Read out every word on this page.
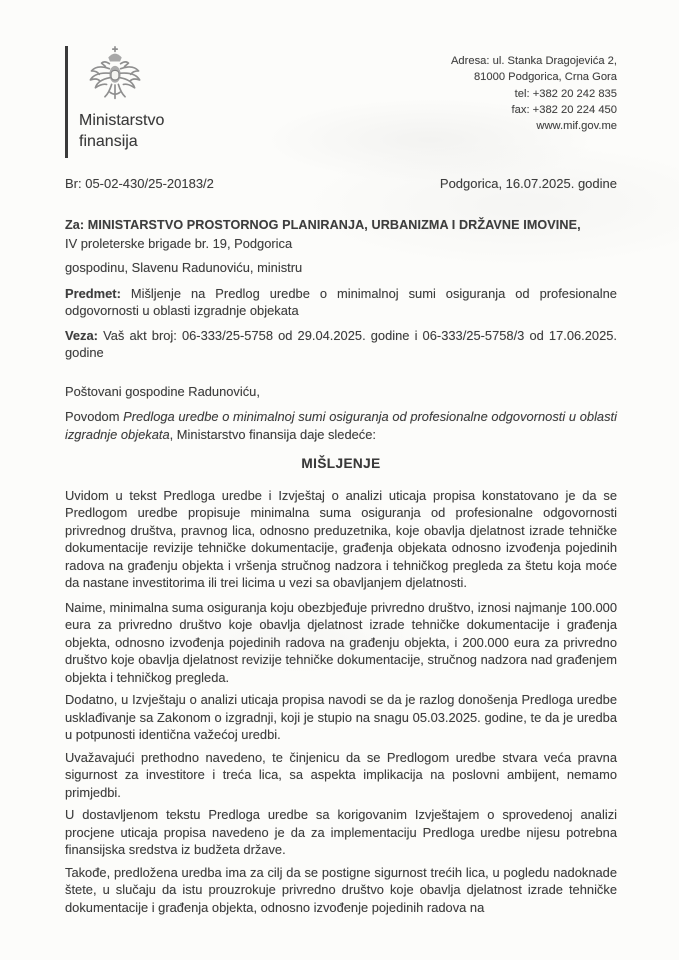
Ministarstvo
finansija
Adresa: ul. Stanka Dragojevića 2,
81000 Podgorica, Crna Gora
tel: +382 20 242 835
fax: +382 20 224 450
www.mif.gov.me
Br: 05-02-430/25-20183/2	Podgorica, 16.07.2025. godine
Za: MINISTARSTVO PROSTORNOG PLANIRANJA, URBANIZMA I DRŽAVNE IMOVINE,
IV proleterske brigade br. 19, Podgorica

gospodinu, Slavenu Radunoviću, ministru

Predmet: Mišljenje na Predlog uredbe o minimalnoj sumi osiguranja od profesionalne odgovornosti u oblasti izgradnje objekata

Veza: Vaš akt broj: 06-333/25-5758 od 29.04.2025. godine i 06-333/25-5758/3 od 17.06.2025. godine

Poštovani gospodine Radunoviću,

Povodom Predloga uredbe o minimalnoj sumi osiguranja od profesionalne odgovornosti u oblasti izgradnje objekata, Ministarstvo finansija daje sledeće:

MIŠLJENJE

Uvidom u tekst Predloga uredbe i Izvještaj o analizi uticaja propisa konstatovano je da se Predlogom uredbe propisuje minimalna suma osiguranja od profesionalne odgovornosti privrednog društva, pravnog lica, odnosno preduzetnika, koje obavlja djelatnost izrade tehničke dokumentacije revizije tehničke dokumentacije, građenja objekata odnosno izvođenja pojedinih radova na građenju objekta i vršenja stručnog nadzora i tehničkog pregleda za štetu koja moće da nastane investitorima ili trei licima u vezi sa obavljanjem djelatnosti.

Naime, minimalna suma osiguranja koju obezbjeđuje privredno društvo, iznosi najmanje 100.000 eura za privredno društvo koje obavlja djelatnost izrade tehničke dokumentacije i građenja objekta, odnosno izvođenja pojedinih radova na građenju objekta, i 200.000 eura za privredno društvo koje obavlja djelatnost revizije tehničke dokumentacije, stručnog nadzora nad građenjem objekta i tehničkog pregleda.

Dodatno, u Izvještaju o analizi uticaja propisa navodi se da je razlog donošenja Predloga uredbe usklađivanje sa Zakonom o izgradnji, koji je stupio na snagu 05.03.2025. godine, te da je uredba u potpunosti identična važećoj uredbi.

Uvažavajući prethodno navedeno, te činjenicu da se Predlogom uredbe stvara veća pravna sigurnost za investitore i treća lica, sa aspekta implikacija na poslovni ambijent, nemamo primjedbi.

U dostavljenom tekstu Predloga uredbe sa korigovanim Izvještajem o sprovedenoj analizi procjene uticaja propisa navedeno je da za implementaciju Predloga uredbe nijesu potrebna finansijska sredstva iz budžeta države.

Takođe, predložena uredba ima za cilj da se postigne sigurnost trećih lica, u pogledu nadoknade štete, u slučaju da istu prouzrokuje privredno društvo koje obavlja djelatnost izrade tehničke dokumentacije i građenja objekta, odnosno izvođenje pojedinih radova na
